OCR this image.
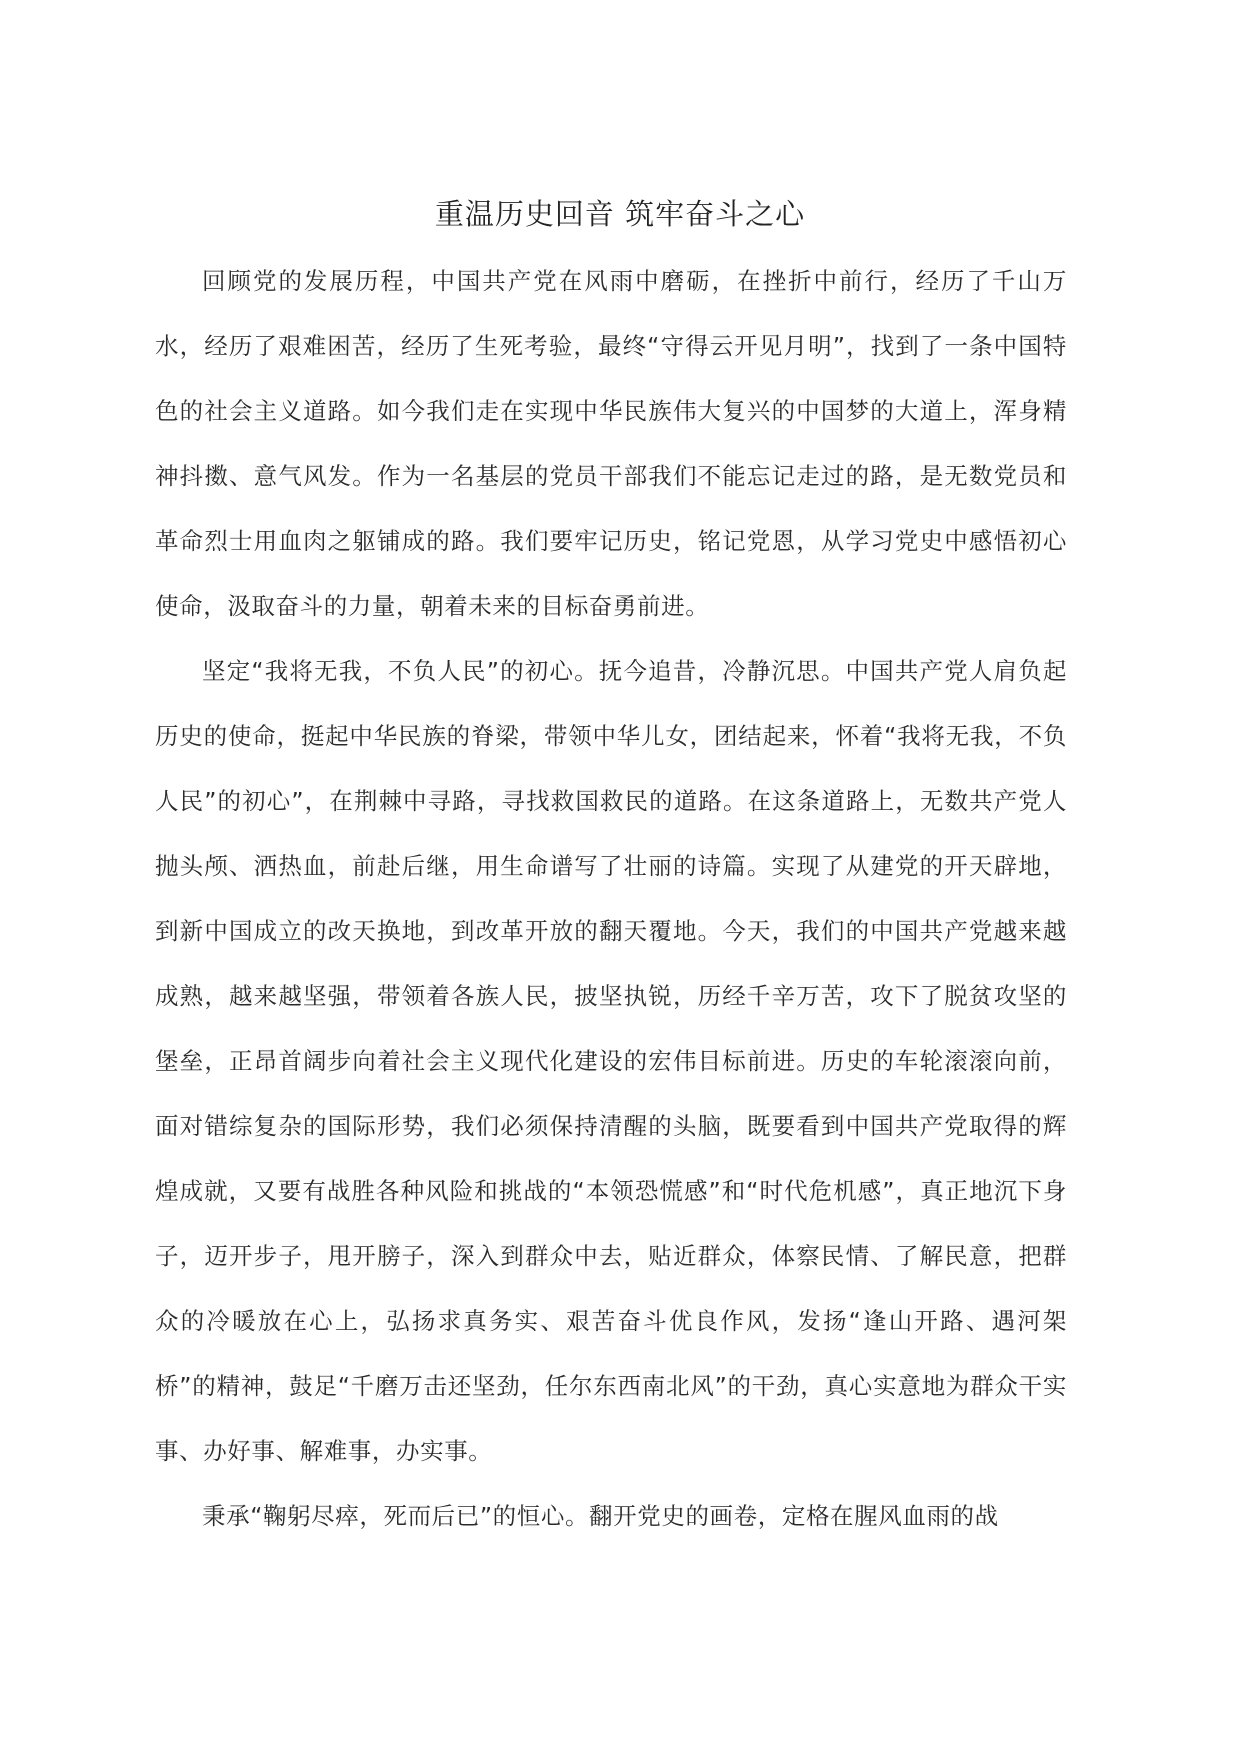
重温历史回音 筑牢奋斗之心

回顾党的发展历程，中国共产党在风雨中磨砺，在挫折中前行，经历了千山万水，经历了艰难困苦，经历了生死考验，最终“守得云开见月明”，找到了一条中国特色的社会主义道路。如今我们走在实现中华民族伟大复兴的中国梦的大道上，浑身精神抖擞、意气风发。作为一名基层的党员干部我们不能忘记走过的路，是无数党员和革命烈士用血肉之躯铺成的路。我们要牢记历史，铭记党恩，从学习党史中感悟初心使命，汲取奋斗的力量，朝着未来的目标奋勇前进。

坚定“我将无我，不负人民”的初心。抚今追昔，冷静沉思。中国共产党人肩负起历史的使命，挺起中华民族的脊梁，带领中华儿女，团结起来，怀着“我将无我，不负人民”的初心”，在荆棘中寻路，寻找救国救民的道路。在这条道路上，无数共产党人抛头颅、洒热血，前赴后继，用生命谱写了壮丽的诗篇。实现了从建党的开天辟地，到新中国成立的改天换地，到改革开放的翻天覆地。今天，我们的中国共产党越来越成熟，越来越坚强，带领着各族人民，披坚执锐，历经千辛万苦，攻下了脱贫攻坚的堡垒，正昂首阔步向着社会主义现代化建设的宏伟目标前进。历史的车轮滚滚向前，面对错综复杂的国际形势，我们必须保持清醒的头脑，既要看到中国共产党取得的辉煌成就，又要有战胜各种风险和挑战的“本领恐慌感”和“时代危机感”，真正地沉下身子，迈开步子，甩开膀子，深入到群众中去，贴近群众，体察民情、了解民意，把群众的冷暖放在心上，弘扬求真务实、艰苦奋斗优良作风，发扬“逢山开路、遇河架桥”的精神，鼓足“千磨万击还坚劲，任尔东西南北风”的干劲，真心实意地为群众干实事、办好事、解难事，办实事。

秉承“鞠躬尽瘁，死而后已”的恒心。翻开党史的画卷，定格在腥风血雨的战
